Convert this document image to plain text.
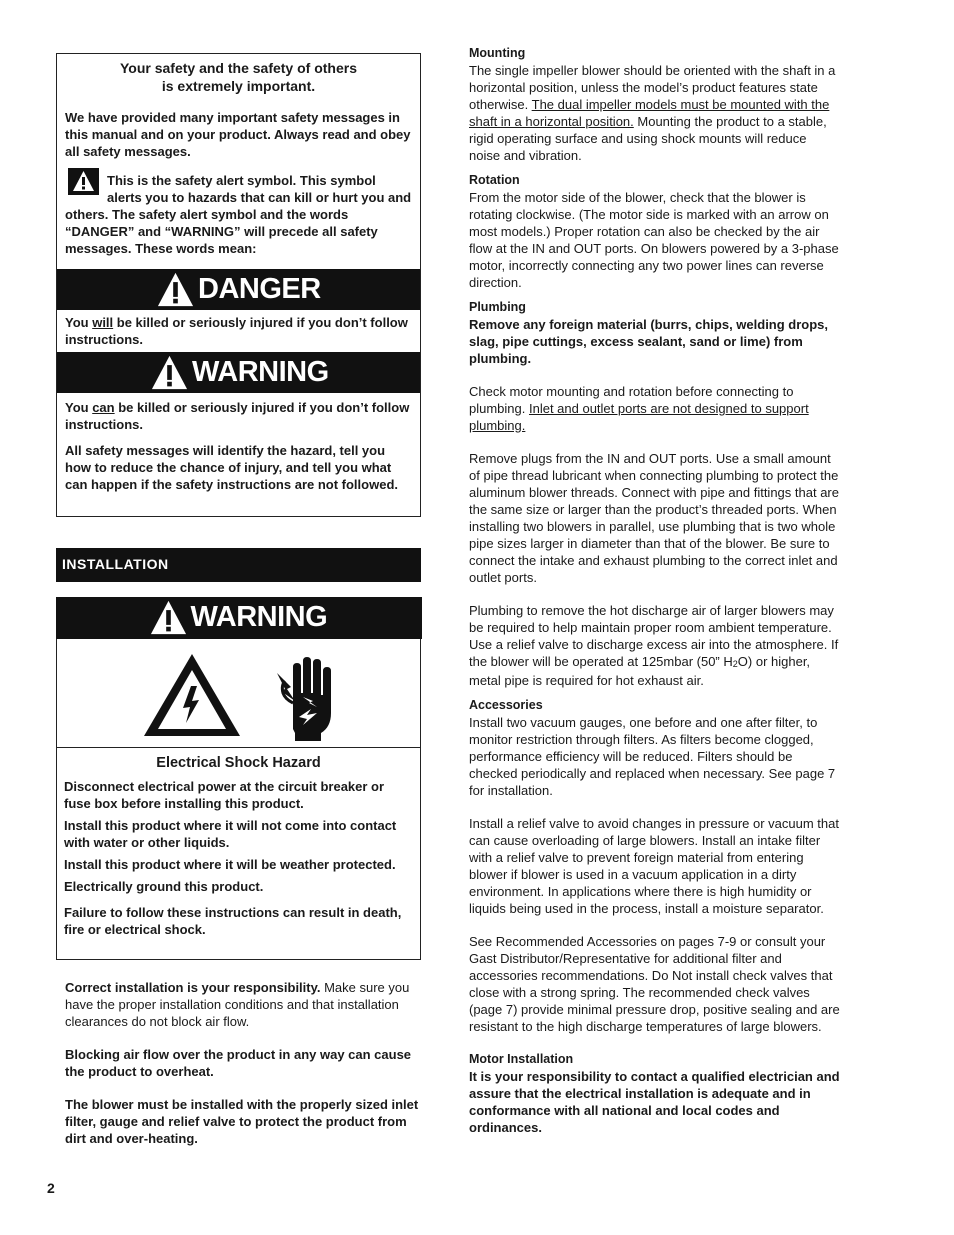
Your safety and the safety of others
is extremely important.

We have provided many important safety messages in this manual and on your product. Always read and obey all safety messages.

This is the safety alert symbol. This symbol alerts you to hazards that can kill or hurt you and others. The safety alert symbol and the words “DANGER” and “WARNING” will precede all safety messages. These words mean:
DANGER

You will be killed or seriously injured if you don’t follow instructions.

WARNING

You can be killed or seriously injured if you don’t follow instructions.

All safety messages will identify the hazard, tell you how to reduce the chance of injury, and tell you what can happen if the safety instructions are not followed.

INSTALLATION
WARNING
Electrical Shock Hazard

Disconnect electrical power at the circuit breaker or fuse box before installing this product.

Install this product where it will not come into contact with water or other liquids.

Install this product where it will be weather protected.

Electrically ground this product.

Failure to follow these instructions can result in death, fire or electrical shock.

Correct installation is your responsibility. Make sure you have the proper installation conditions and that installation clearances do not block air flow.

Blocking air flow over the product in any way can cause the product to overheat.

The blower must be installed with the properly sized inlet filter, gauge and relief valve to protect the product from dirt and over-heating.

2
Mounting

The single impeller blower should be oriented with the shaft in a horizontal position, unless the model’s product features state otherwise. The dual impeller models must be mounted with the shaft in a horizontal position. Mounting the product to a stable, rigid operating surface and using shock mounts will reduce noise and vibration.

Rotation

From the motor side of the blower, check that the blower is rotating clockwise. (The motor side is marked with an arrow on most models.) Proper rotation can also be checked by the air flow at the IN and OUT ports. On blowers powered by a 3-phase motor, incorrectly connecting any two power lines can reverse direction.

Plumbing

Remove any foreign material (burrs, chips, welding drops, slag, pipe cuttings, excess sealant, sand or lime) from plumbing.

Check motor mounting and rotation before connecting to plumbing. Inlet and outlet ports are not designed to support plumbing.

Remove plugs from the IN and OUT ports. Use a small amount of pipe thread lubricant when connecting plumbing to protect the aluminum blower threads. Connect with pipe and fittings that are the same size or larger than the product’s threaded ports. When installing two blowers in parallel, use plumbing that is two whole pipe sizes larger in diameter than that of the blower. Be sure to connect the intake and exhaust plumbing to the correct inlet and outlet ports.

Plumbing to remove the hot discharge air of larger blowers may be required to help maintain proper room ambient temperature. Use a relief valve to discharge excess air into the atmosphere. If the blower will be operated at 125mbar (50” $H_2O$) or higher, metal pipe is required for hot exhaust air.

Accessories

Install two vacuum gauges, one before and one after filter, to monitor restriction through filters. As filters become clogged, performance efficiency will be reduced. Filters should be checked periodically and replaced when necessary. See page 7 for installation.

Install a relief valve to avoid changes in pressure or vacuum that can cause overloading of large blowers. Install an intake filter with a relief valve to prevent foreign material from entering blower if blower is used in a vacuum application in a dirty environment. In applications where there is high humidity or liquids being used in the process, install a moisture separator.

See Recommended Accessories on pages 7-9 or consult your Gast Distributor/Representative for additional filter and accessories recommendations. Do Not install check valves that close with a strong spring. The recommended check valves (page 7) provide minimal pressure drop, positive sealing and are resistant to the high discharge temperatures of large blowers.

Motor Installation

It is your responsibility to contact a qualified electrician and assure that the electrical installation is adequate and in conformance with all national and local codes and ordinances.
